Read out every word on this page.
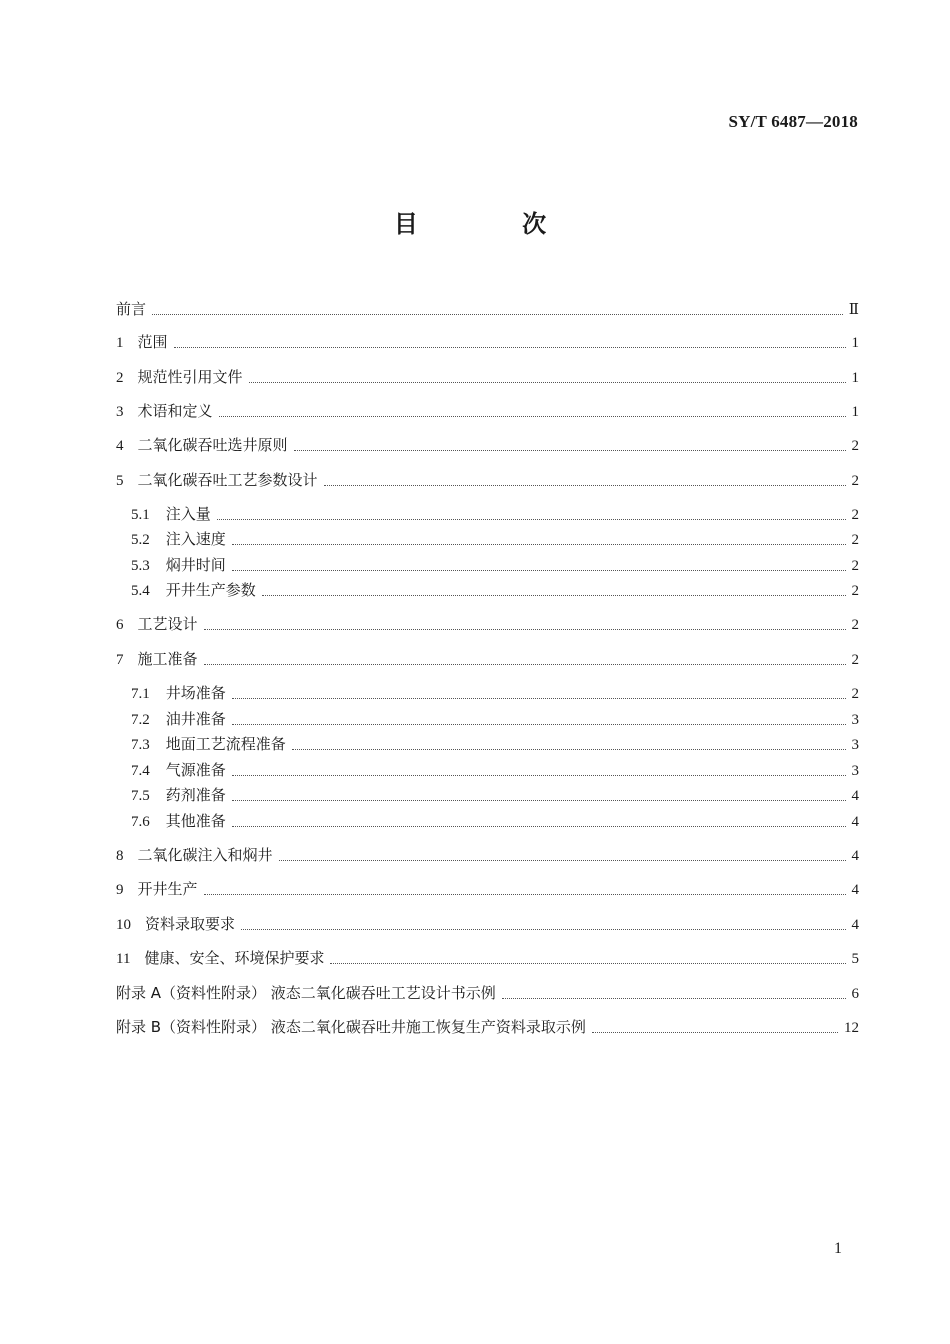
SY/T 6487—2018
目 次
前言	Ⅱ
1 范围	1
2 规范性引用文件	1
3 术语和定义	1
4 二氧化碳吞吐选井原则	2
5 二氧化碳吞吐工艺参数设计	2
5.1	注入量	2
5.2	注入速度	2
5.3	焖井时间	2
5.4	开井生产参数	2
6 工艺设计	2
7 施工准备	2
7.1	井场准备	2
7.2	油井准备	3
7.3	地面工艺流程准备	3
7.4	气源准备	3
7.5	药剂准备	4
7.6	其他准备	4
8 二氧化碳注入和焖井	4
9 开井生产	4
10 资料录取要求	4
11 健康、安全、环境保护要求	5
附录 A（资料性附录） 液态二氧化碳吞吐工艺设计书示例	6
附录 B（资料性附录） 液态二氧化碳吞吐井施工恢复生产资料录取示例	12
1
